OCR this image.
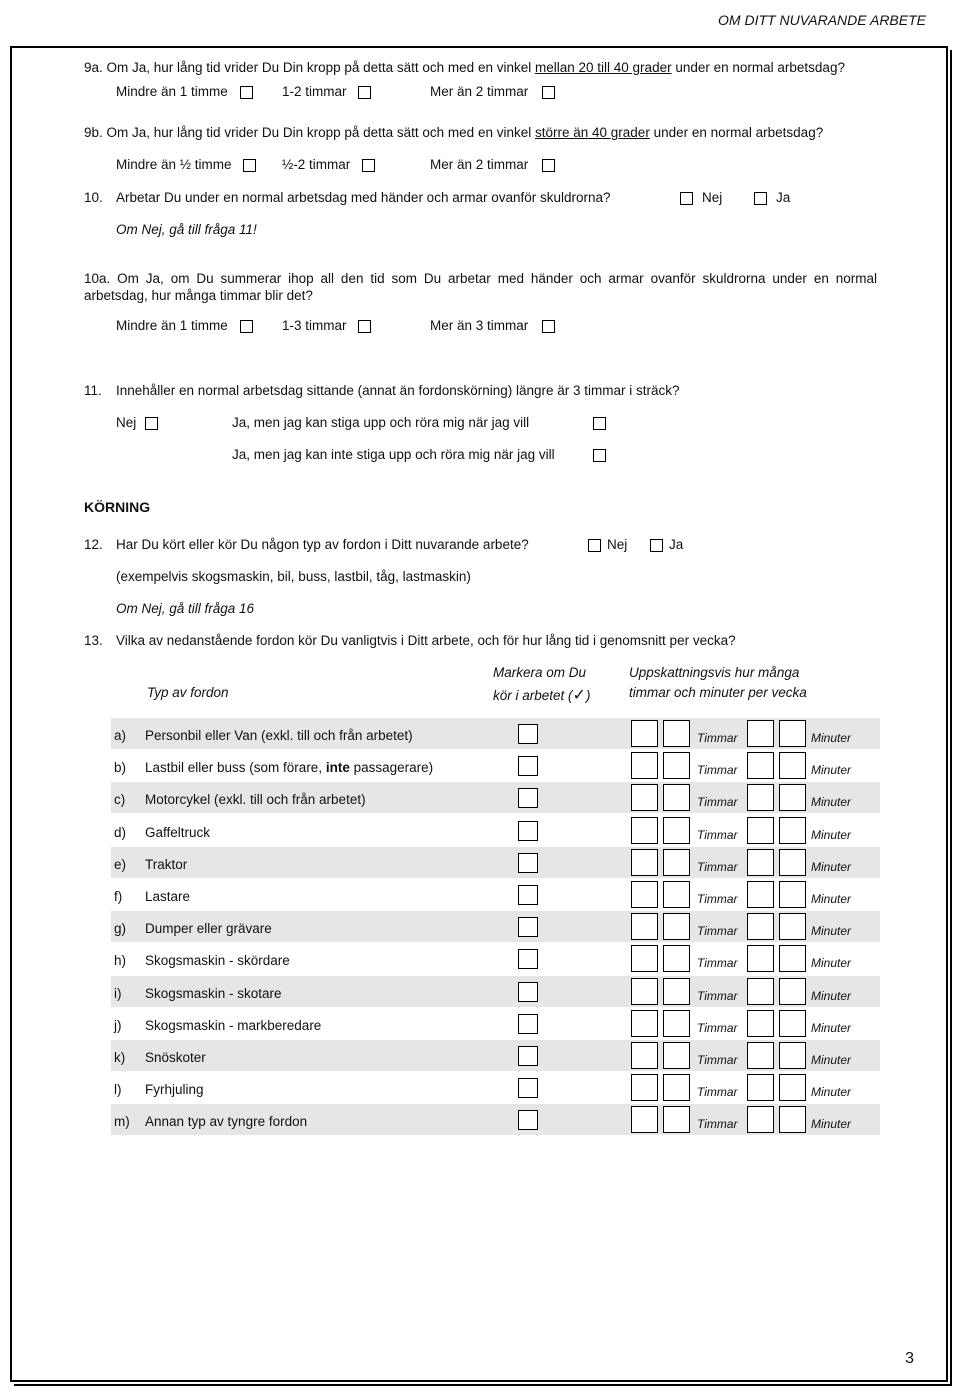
OM DITT NUVARANDE ARBETE
9a. Om Ja, hur lång tid vrider Du Din kropp på detta sätt och med en vinkel mellan 20 till 40 grader under en normal arbetsdag?
Mindre än 1 timme	1-2 timmar	Mer än 2 timmar
9b. Om Ja, hur lång tid vrider Du Din kropp på detta sätt och med en vinkel större än 40 grader under en normal arbetsdag?
Mindre än ½ timme	½-2 timmar	Mer än 2 timmar
10. Arbetar Du under en normal arbetsdag med händer och armar ovanför skuldrorna?	Nej	Ja
Om Nej, gå till fråga 11!
10a. Om Ja, om Du summerar ihop all den tid som Du arbetar med händer och armar ovanför skuldrorna under en normal arbetsdag, hur många timmar blir det?
Mindre än 1 timme	1-3 timmar	Mer än 3 timmar
11. Innehåller en normal arbetsdag sittande (annat än fordonskörning) längre är 3 timmar i sträck?
Nej	Ja, men jag kan stiga upp och röra mig när jag vill
Ja, men jag kan inte stiga upp och röra mig när jag vill
KÖRNING
12. Har Du kört eller kör Du någon typ av fordon i Ditt nuvarande arbete?	Nej	Ja
(exempelvis skogsmaskin, bil, buss, lastbil, tåg, lastmaskin)
Om Nej, gå till fråga 16
13. Vilka av nedanstående fordon kör Du vanligtvis i Ditt arbete, och för hur lång tid i genomsnitt per vecka?
Typ av fordon
Markera om Du
kör i arbetet (✓)
Uppskattningsvis hur många
timmar och minuter per vecka
a) Personbil eller Van (exkl. till och från arbetet)	Timmar	Minuter
b) Lastbil eller buss (som förare, inte passagerare)	Timmar	Minuter
c) Motorcykel (exkl. till och från arbetet)	Timmar	Minuter
d) Gaffeltruck	Timmar	Minuter
e) Traktor	Timmar	Minuter
f) Lastare	Timmar	Minuter
g) Dumper eller grävare	Timmar	Minuter
h) Skogsmaskin - skördare	Timmar	Minuter
i) Skogsmaskin - skotare	Timmar	Minuter
j) Skogsmaskin - markberedare	Timmar	Minuter
k) Snöskoter	Timmar	Minuter
l) Fyrhjuling	Timmar	Minuter
m) Annan typ av tyngre fordon	Timmar	Minuter
3
